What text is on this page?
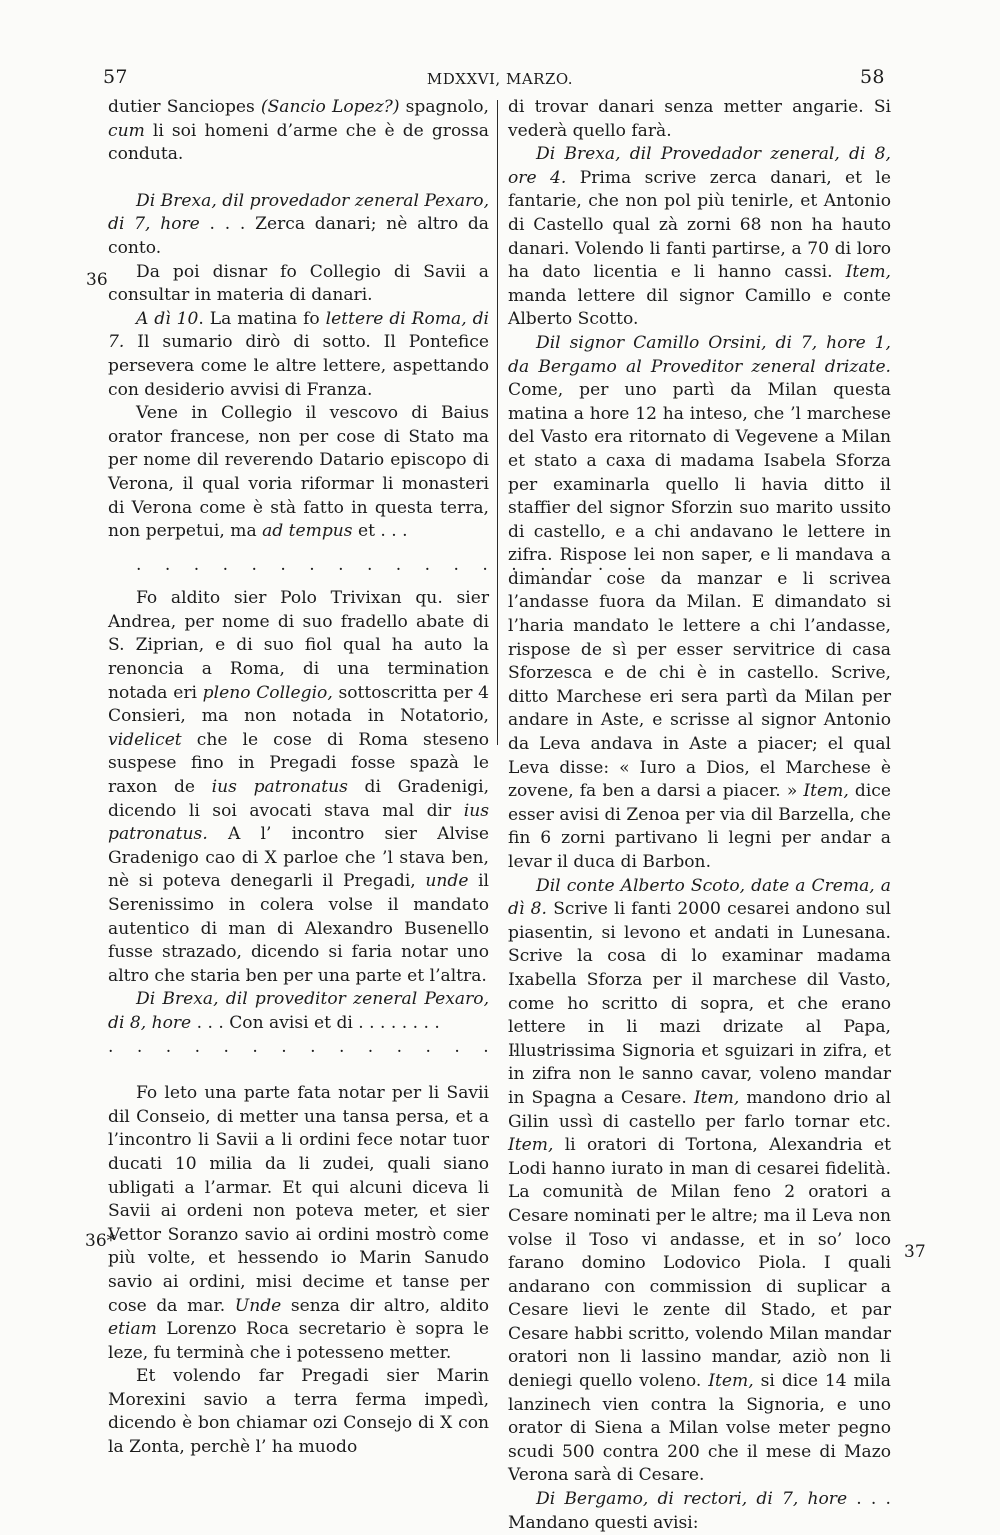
57	MDXXVI, MARZO.	58
36
36*
37

dutier Sanciopes (Sancio Lopez?) spagnolo, cum li soi homeni d’arme che è de grossa conduta.

Di Brexa, dil provedador zeneral Pexaro, di 7, hore . . . Zerca danari; nè altro da conto.

Da poi disnar fo Collegio di Savii a consultar in materia di danari.

A dì 10. La matina fo lettere di Roma, di 7. Il sumario dirò di sotto. Il Pontefice persevera come le altre lettere, aspettando con desiderio avvisi di Franza.

Vene in Collegio il vescovo di Baius orator francese, non per cose di Stato ma per nome dil reverendo Datario episcopo di Verona, il qual voria riformar li monasteri di Verona come è stà fatto in questa terra, non perpetui, ma ad tempus et . . .

. . . . . . . . . . . . . . . . . .

Fo aldito sier Polo Trivixan qu. sier Andrea, per nome di suo fradello abate di S. Ziprian, e di suo fiol qual ha auto la renoncia a Roma, di una termination notada eri pleno Collegio, sottoscritta per 4 Consieri, ma non notada in Notatorio, videlicet che le cose di Roma steseno suspese fino in Pregadi fosse spazà le raxon de ius patronatus di Gradenigi, dicendo li soi avocati stava mal dir ius patronatus. A l’ incontro sier Alvise Gradenigo cao di X parloe che ’l stava ben, nè si poteva denegarli il Pregadi, unde il Serenissimo in colera volse il mandato autentico di man di Alexandro Busenello fusse strazado, dicendo si faria notar uno altro che staria ben per una parte et l’altra.

Di Brexa, dil proveditor zeneral Pexaro, di 8, hore . . . Con avisi et di . . . . . . . .

. . . . . . . . . . . . . . . . . .

Fo leto una parte fata notar per li Savii dil Conseio, di metter una tansa persa, et a l’incontro li Savii a li ordini fece notar tuor ducati 10 milia da li zudei, quali siano ubligati a l’armar. Et qui alcuni diceva li Savii ai ordeni non poteva meter, et sier Vettor Soranzo savio ai ordini mostrò come più volte, et hessendo io Marin Sanudo savio ai ordini, misi decime et tanse per cose da mar. Unde senza dir altro, aldito etiam Lorenzo Roca secretario è sopra le leze, fu terminà che i potesseno metter.

Et volendo far Pregadi sier Marin Morexini savio a terra ferma impedì, dicendo è bon chiamar ozi Consejo di X con la Zonta, perchè l’ ha muodo

di trovar danari senza metter angarie. Si vederà quello farà.

Di Brexa, dil Provedador zeneral, di 8, ore 4. Prima scrive zerca danari, et le fantarie, che non pol più tenirle, et Antonio di Castello qual zà zorni 68 non ha hauto danari. Volendo li fanti partirse, a 70 di loro ha dato licentia e li hanno cassi. Item, manda lettere dil signor Camillo e conte Alberto Scotto.

Dil signor Camillo Orsini, di 7, hore 1, da Bergamo al Proveditor zeneral drizate. Come, per uno partì da Milan questa matina a hore 12 ha inteso, che ’l marchese del Vasto era ritornato di Vegevene a Milan et stato a caxa di madama Isabela Sforza per examinarla quello li havia ditto il staffier del signor Sforzin suo marito ussito di castello, e a chi andavano le lettere in zifra. Rispose lei non saper, e li mandava a dimandar cose da manzar e li scrivea l’andasse fuora da Milan. E dimandato si l’haria mandato le lettere a chi l’andasse, rispose de sì per esser servitrice di casa Sforzesca e de chi è in castello. Scrive, ditto Marchese eri sera partì da Milan per andare in Aste, e scrisse al signor Antonio da Leva andava in Aste a piacer; el qual Leva disse: « Iuro a Dios, el Marchese è zovene, fa ben a darsi a piacer. » Item, dice esser avisi di Zenoa per via dil Barzella, che fin 6 zorni partivano li legni per andar a levar il duca di Barbon.

Dil conte Alberto Scoto, date a Crema, a dì 8. Scrive li fanti 2000 cesarei andono sul piasentin, si levono et andati in Lunesana. Scrive la cosa di lo examinar madama Ixabella Sforza per il marchese dil Vasto, come ho scritto di sopra, et che erano lettere in li mazi drizate al Papa, Illustrissima Signoria et sguizari in zifra, et in zifra non le sanno cavar, voleno mandar in Spagna a Cesare. Item, mandono drio al Gilin ussì di castello per farlo tornar etc. Item, li oratori di Tortona, Alexandria et Lodi hanno iurato in man di cesarei fidelità. La comunità de Milan feno 2 oratori a Cesare nominati per le altre; ma il Leva non volse il Toso vi andasse, et in so’ loco farano domino Lodovico Piola. I quali andarano con commission di suplicar a Cesare lievi le zente dil Stado, et par Cesare habbi scritto, volendo Milan mandar oratori non li lassino mandar, aziò non li deniegi quello voleno. Item, si dice 14 mila lanzinech vien contra la Signoria, e uno orator di Siena a Milan volse meter pegno scudi 500 contra 200 che il mese di Mazo Verona sarà di Cesare.

Di Bergamo, di rectori, di 7, hore . . . Mandano questi avisi:
